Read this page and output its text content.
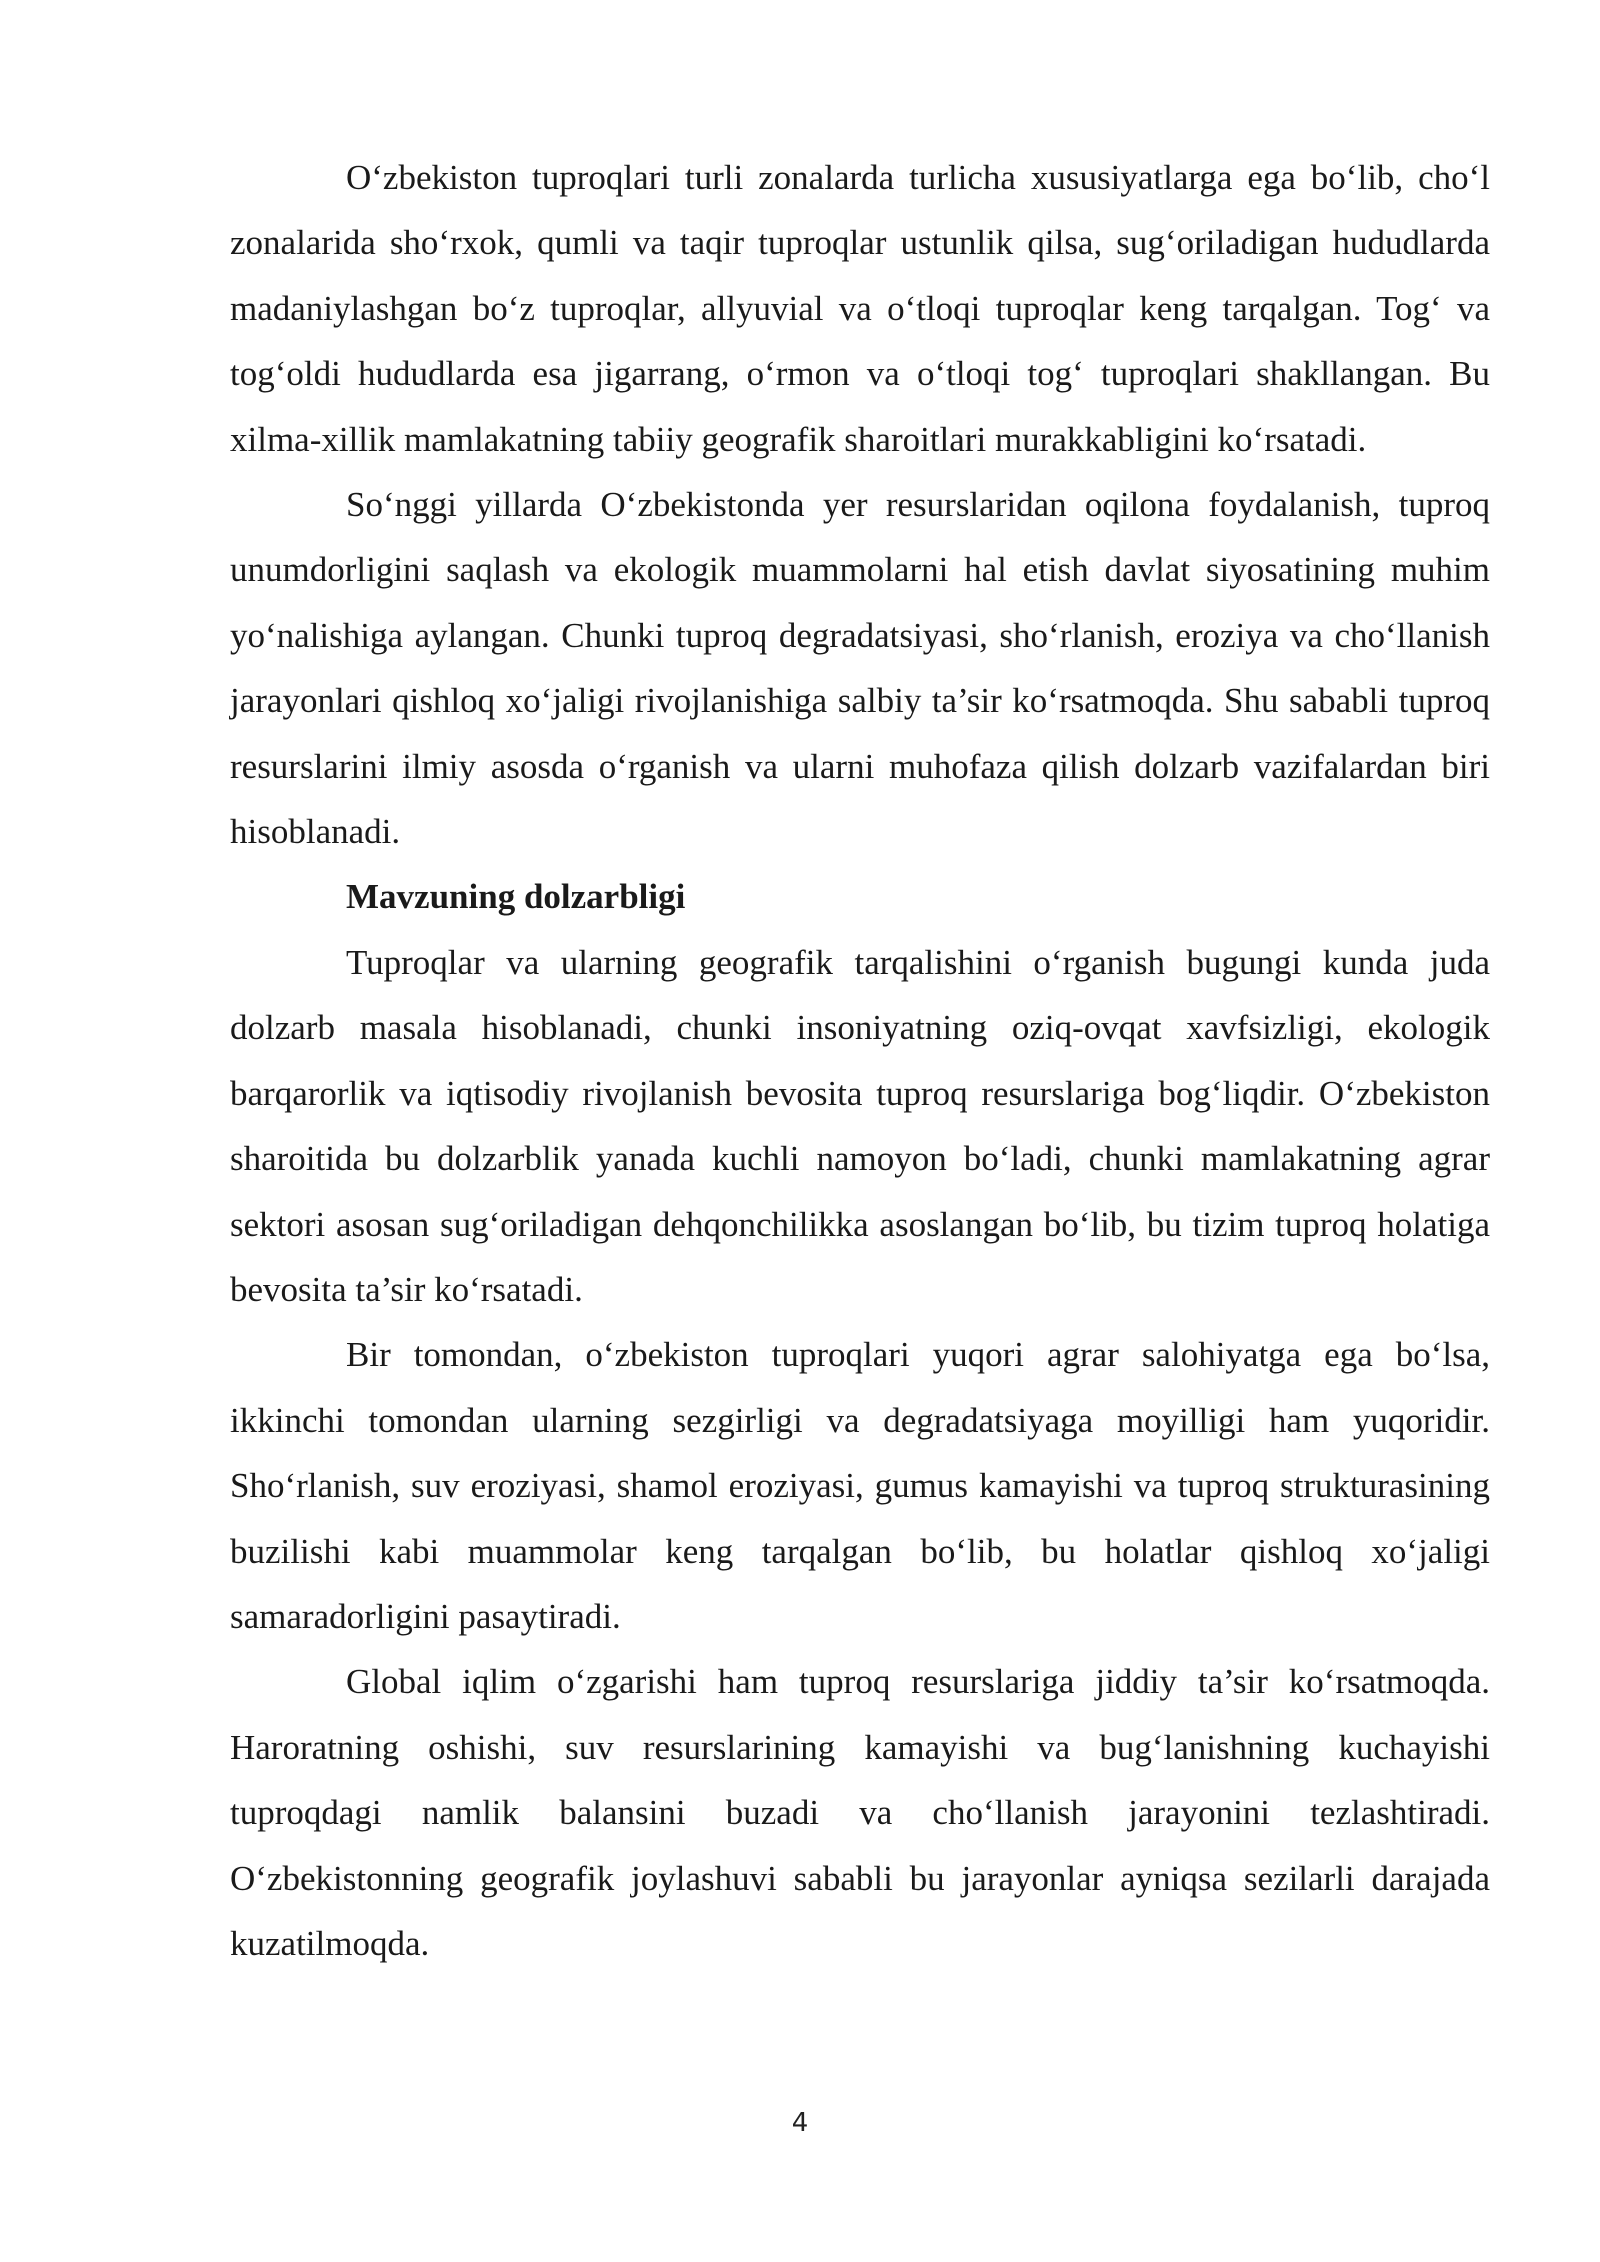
O‘zbekiston tuproqlari turli zonalarda turlicha xususiyatlarga ega bo‘lib, cho‘l zonalarida sho‘rxok, qumli va taqir tuproqlar ustunlik qilsa, sug‘oriladigan hududlarda madaniylashgan bo‘z tuproqlar, allyuvial va o‘tloqi tuproqlar keng tarqalgan. Tog‘ va tog‘oldi hududlarda esa jigarrang, o‘rmon va o‘tloqi tog‘ tuproqlari shakllangan. Bu xilma-xillik mamlakatning tabiiy geografik sharoitlari murakkabligini ko‘rsatadi.

So‘nggi yillarda O‘zbekistonda yer resurslaridan oqilona foydalanish, tuproq unumdorligini saqlash va ekologik muammolarni hal etish davlat siyosatining muhim yo‘nalishiga aylangan. Chunki tuproq degradatsiyasi, sho‘rlanish, eroziya va cho‘llanish jarayonlari qishloq xo‘jaligi rivojlanishiga salbiy ta’sir ko‘rsatmoqda. Shu sababli tuproq resurslarini ilmiy asosda o‘rganish va ularni muhofaza qilish dolzarb vazifalardan biri hisoblanadi.

Mavzuning dolzarbligi

Tuproqlar va ularning geografik tarqalishini o‘rganish bugungi kunda juda dolzarb masala hisoblanadi, chunki insoniyatning oziq-ovqat xavfsizligi, ekologik barqarorlik va iqtisodiy rivojlanish bevosita tuproq resurslariga bog‘liqdir. O‘zbekiston sharoitida bu dolzarblik yanada kuchli namoyon bo‘ladi, chunki mamlakatning agrar sektori asosan sug‘oriladigan dehqonchilikka asoslangan bo‘lib, bu tizim tuproq holatiga bevosita ta’sir ko‘rsatadi.

Bir tomondan, o‘zbekiston tuproqlari yuqori agrar salohiyatga ega bo‘lsa, ikkinchi tomondan ularning sezgirligi va degradatsiyaga moyilligi ham yuqoridir. Sho‘rlanish, suv eroziyasi, shamol eroziyasi, gumus kamayishi va tuproq strukturasining buzilishi kabi muammolar keng tarqalgan bo‘lib, bu holatlar qishloq xo‘jaligi samaradorligini pasaytiradi.

Global iqlim o‘zgarishi ham tuproq resurslariga jiddiy ta’sir ko‘rsatmoqda. Haroratning oshishi, suv resurslarining kamayishi va bug‘lanishning kuchayishi tuproqdagi namlik balansini buzadi va cho‘llanish jarayonini tezlashtiradi. O‘zbekistonning geografik joylashuvi sababli bu jarayonlar ayniqsa sezilarli darajada kuzatilmoqda.

4
